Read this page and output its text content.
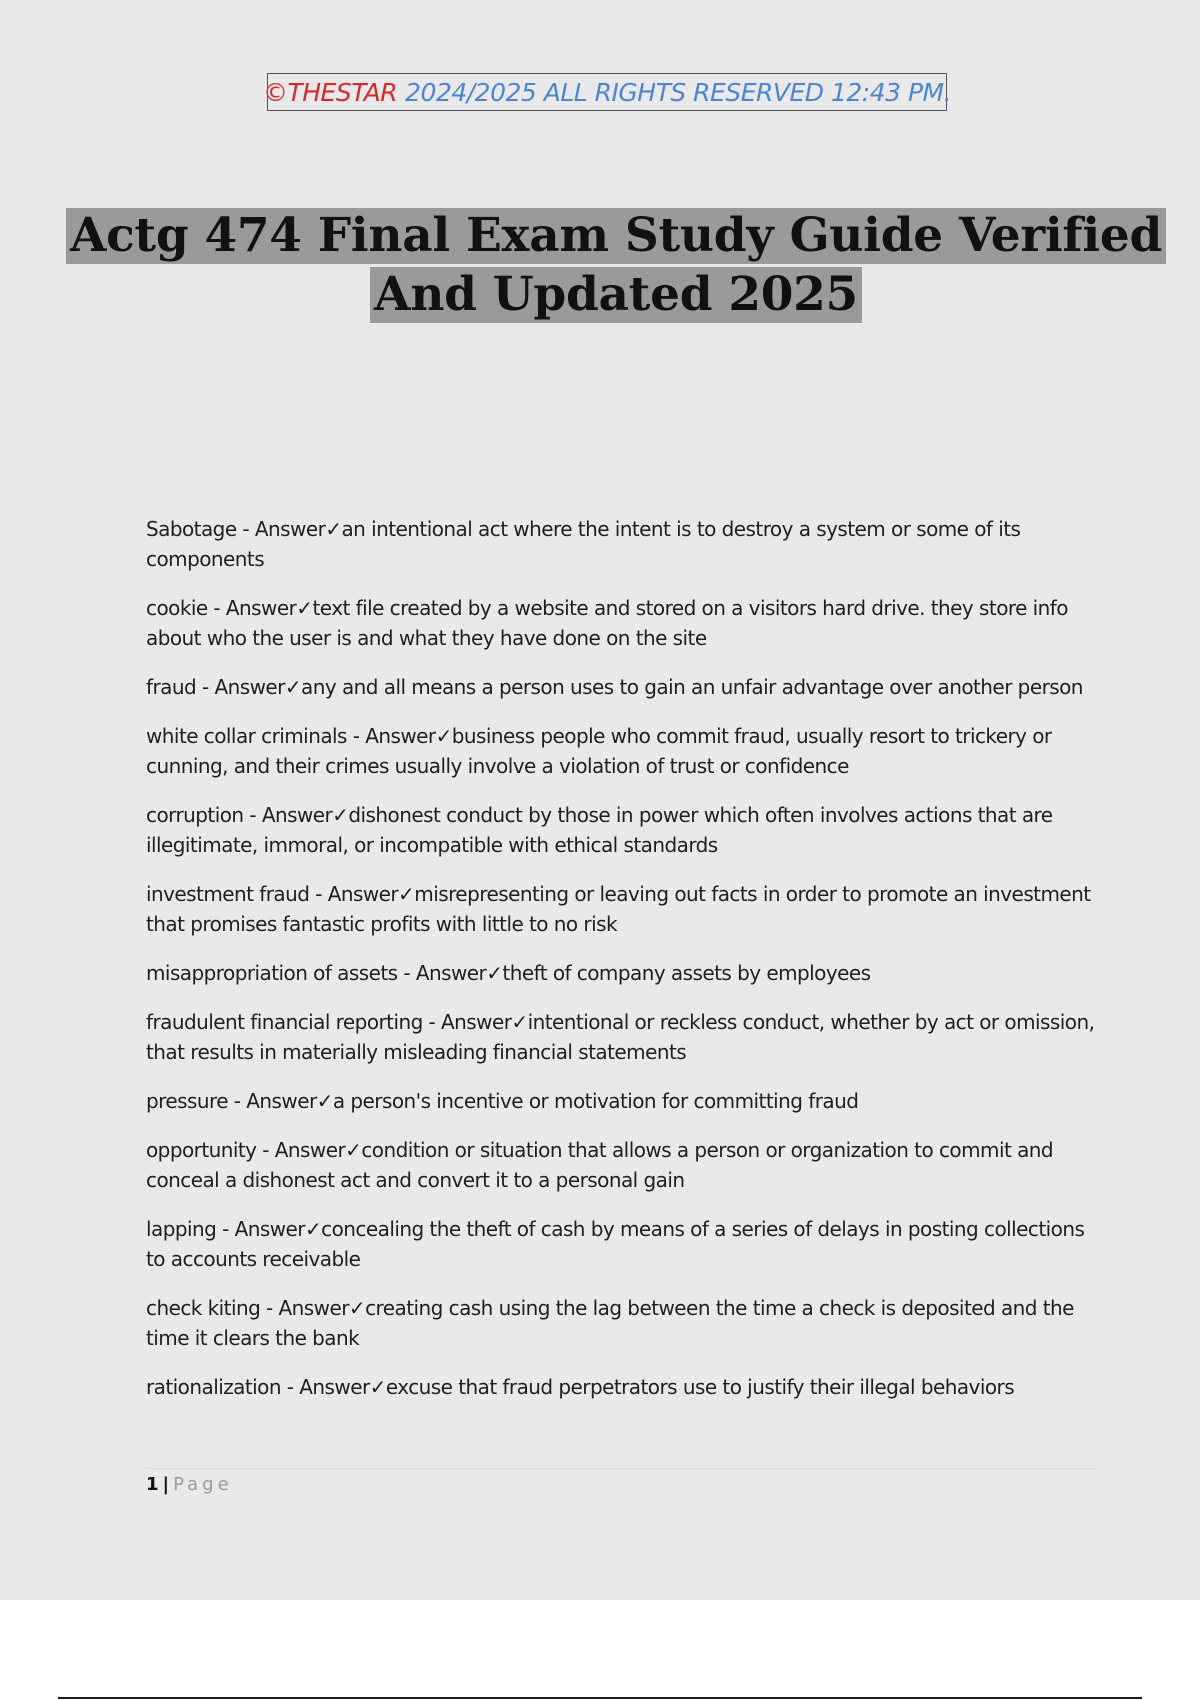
©THESTAR 2024/2025 ALL RIGHTS RESERVED 12:43 PM.
Actg 474 Final Exam Study Guide Verified
And Updated 2025
Sabotage - Answer✓an intentional act where the intent is to destroy a system or some of its components
cookie - Answer✓text file created by a website and stored on a visitors hard drive. they store info about who the user is and what they have done on the site
fraud - Answer✓any and all means a person uses to gain an unfair advantage over another person
white collar criminals - Answer✓business people who commit fraud, usually resort to trickery or cunning, and their crimes usually involve a violation of trust or confidence
corruption - Answer✓dishonest conduct by those in power which often involves actions that are illegitimate, immoral, or incompatible with ethical standards
investment fraud - Answer✓misrepresenting or leaving out facts in order to promote an investment that promises fantastic profits with little to no risk
misappropriation of assets - Answer✓theft of company assets by employees
fraudulent financial reporting - Answer✓intentional or reckless conduct, whether by act or omission, that results in materially misleading financial statements
pressure - Answer✓a person's incentive or motivation for committing fraud
opportunity - Answer✓condition or situation that allows a person or organization to commit and conceal a dishonest act and convert it to a personal gain
lapping - Answer✓concealing the theft of cash by means of a series of delays in posting collections to accounts receivable
check kiting - Answer✓creating cash using the lag between the time a check is deposited and the time it clears the bank
rationalization - Answer✓excuse that fraud perpetrators use to justify their illegal behaviors
1 | Page
